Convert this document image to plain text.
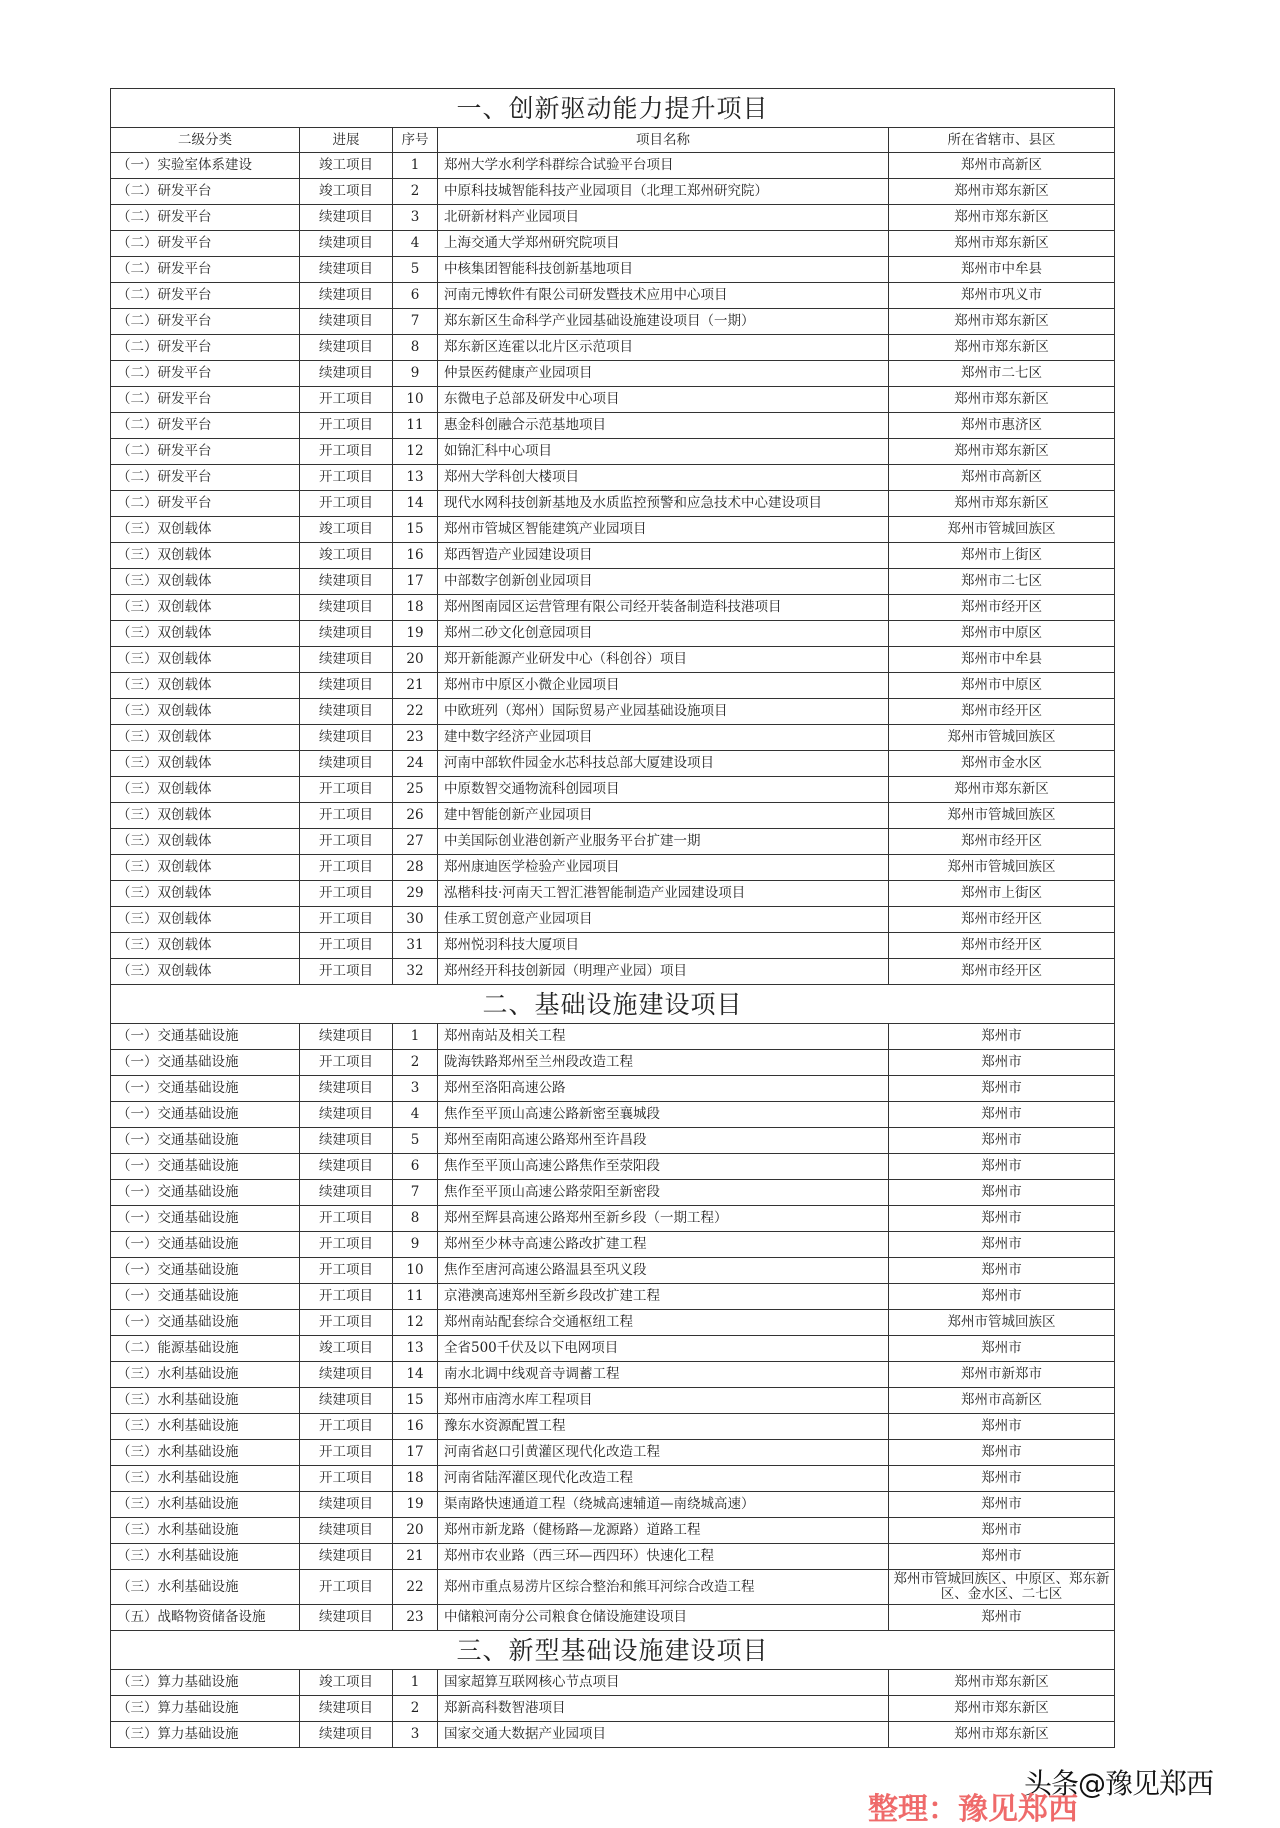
一、创新驱动能力提升项目				
二级分类	进展	序号	项目名称	所在省辖市、县区
（一）实验室体系建设	竣工项目	1	郑州大学水利学科群综合试验平台项目	郑州市高新区
（二）研发平台	竣工项目	2	中原科技城智能科技产业园项目（北理工郑州研究院）	郑州市郑东新区
（二）研发平台	续建项目	3	北研新材料产业园项目	郑州市郑东新区
（二）研发平台	续建项目	4	上海交通大学郑州研究院项目	郑州市郑东新区
（二）研发平台	续建项目	5	中核集团智能科技创新基地项目	郑州市中牟县
（二）研发平台	续建项目	6	河南元博软件有限公司研发暨技术应用中心项目	郑州市巩义市
（二）研发平台	续建项目	7	郑东新区生命科学产业园基础设施建设项目（一期）	郑州市郑东新区
（二）研发平台	续建项目	8	郑东新区连霍以北片区示范项目	郑州市郑东新区
（二）研发平台	续建项目	9	仲景医药健康产业园项目	郑州市二七区
（二）研发平台	开工项目	10	东微电子总部及研发中心项目	郑州市郑东新区
（二）研发平台	开工项目	11	惠金科创融合示范基地项目	郑州市惠济区
（二）研发平台	开工项目	12	如锦汇科中心项目	郑州市郑东新区
（二）研发平台	开工项目	13	郑州大学科创大楼项目	郑州市高新区
（二）研发平台	开工项目	14	现代水网科技创新基地及水质监控预警和应急技术中心建设项目	郑州市郑东新区
（三）双创载体	竣工项目	15	郑州市管城区智能建筑产业园项目	郑州市管城回族区
（三）双创载体	竣工项目	16	郑西智造产业园建设项目	郑州市上街区
（三）双创载体	续建项目	17	中部数字创新创业园项目	郑州市二七区
（三）双创载体	续建项目	18	郑州图南园区运营管理有限公司经开装备制造科技港项目	郑州市经开区
（三）双创载体	续建项目	19	郑州二砂文化创意园项目	郑州市中原区
（三）双创载体	续建项目	20	郑开新能源产业研发中心（科创谷）项目	郑州市中牟县
（三）双创载体	续建项目	21	郑州市中原区小微企业园项目	郑州市中原区
（三）双创载体	续建项目	22	中欧班列（郑州）国际贸易产业园基础设施项目	郑州市经开区
（三）双创载体	续建项目	23	建中数字经济产业园项目	郑州市管城回族区
（三）双创载体	续建项目	24	河南中部软件园金水芯科技总部大厦建设项目	郑州市金水区
（三）双创载体	开工项目	25	中原数智交通物流科创园项目	郑州市郑东新区
（三）双创载体	开工项目	26	建中智能创新产业园项目	郑州市管城回族区
（三）双创载体	开工项目	27	中美国际创业港创新产业服务平台扩建一期	郑州市经开区
（三）双创载体	开工项目	28	郑州康迪医学检验产业园项目	郑州市管城回族区
（三）双创载体	开工项目	29	泓楷科技·河南天工智汇港智能制造产业园建设项目	郑州市上街区
（三）双创载体	开工项目	30	佳承工贸创意产业园项目	郑州市经开区
（三）双创载体	开工项目	31	郑州悦羽科技大厦项目	郑州市经开区
（三）双创载体	开工项目	32	郑州经开科技创新园（明理产业园）项目	郑州市经开区
二、基础设施建设项目				
（一）交通基础设施	续建项目	1	郑州南站及相关工程	郑州市
（一）交通基础设施	开工项目	2	陇海铁路郑州至兰州段改造工程	郑州市
（一）交通基础设施	续建项目	3	郑州至洛阳高速公路	郑州市
（一）交通基础设施	续建项目	4	焦作至平顶山高速公路新密至襄城段	郑州市
（一）交通基础设施	续建项目	5	郑州至南阳高速公路郑州至许昌段	郑州市
（一）交通基础设施	续建项目	6	焦作至平顶山高速公路焦作至荥阳段	郑州市
（一）交通基础设施	续建项目	7	焦作至平顶山高速公路荥阳至新密段	郑州市
（一）交通基础设施	开工项目	8	郑州至辉县高速公路郑州至新乡段（一期工程）	郑州市
（一）交通基础设施	开工项目	9	郑州至少林寺高速公路改扩建工程	郑州市
（一）交通基础设施	开工项目	10	焦作至唐河高速公路温县至巩义段	郑州市
（一）交通基础设施	开工项目	11	京港澳高速郑州至新乡段改扩建工程	郑州市
（一）交通基础设施	开工项目	12	郑州南站配套综合交通枢纽工程	郑州市管城回族区
（二）能源基础设施	竣工项目	13	全省500千伏及以下电网项目	郑州市
（三）水利基础设施	续建项目	14	南水北调中线观音寺调蓄工程	郑州市新郑市
（三）水利基础设施	续建项目	15	郑州市庙湾水库工程项目	郑州市高新区
（三）水利基础设施	开工项目	16	豫东水资源配置工程	郑州市
（三）水利基础设施	开工项目	17	河南省赵口引黄灌区现代化改造工程	郑州市
（三）水利基础设施	开工项目	18	河南省陆浑灌区现代化改造工程	郑州市
（三）水利基础设施	续建项目	19	渠南路快速通道工程（绕城高速辅道—南绕城高速）	郑州市
（三）水利基础设施	续建项目	20	郑州市新龙路（健杨路—龙源路）道路工程	郑州市
（三）水利基础设施	续建项目	21	郑州市农业路（西三环—西四环）快速化工程	郑州市
（三）水利基础设施	开工项目	22	郑州市重点易涝片区综合整治和熊耳河综合改造工程	郑州市管城回族区、中原区、郑东新区、金水区、二七区
（五）战略物资储备设施	续建项目	23	中储粮河南分公司粮食仓储设施建设项目	郑州市
三、新型基础设施建设项目				
（三）算力基础设施	竣工项目	1	国家超算互联网核心节点项目	郑州市郑东新区
（三）算力基础设施	续建项目	2	郑新高科数智港项目	郑州市郑东新区
（三）算力基础设施	续建项目	3	国家交通大数据产业园项目	郑州市郑东新区
头条@豫见郑西
整理：豫见郑西
